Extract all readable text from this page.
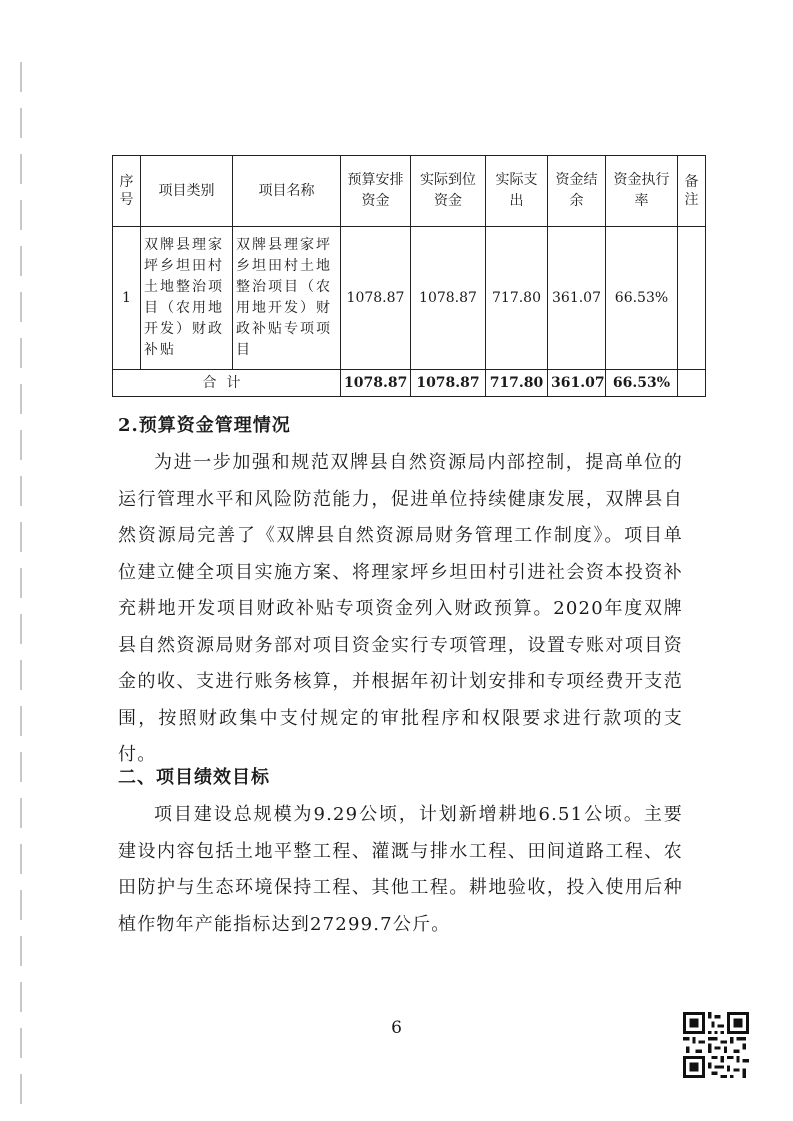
序号	项目类别	项目名称	预算安排资金	实际到位资金	实际支出	资金结余	资金执行率	备注
1	双牌县理家坪乡坦田村土地整治项目（农用地开发）财政补贴	双牌县理家坪乡坦田村土地整治项目（农用地开发）财政补贴专项项目	1078.87	1078.87	717.80	361.07	66.53%	
合计			1078.87	1078.87	717.80	361.07	66.53%	
2.预算资金管理情况

为进一步加强和规范双牌县自然资源局内部控制，提高单位的运行管理水平和风险防范能力，促进单位持续健康发展，双牌县自然资源局完善了《双牌县自然资源局财务管理工作制度》。项目单位建立健全项目实施方案、将理家坪乡坦田村引进社会资本投资补充耕地开发项目财政补贴专项资金列入财政预算。2020年度双牌县自然资源局财务部对项目资金实行专项管理，设置专账对项目资金的收、支进行账务核算，并根据年初计划安排和专项经费开支范围，按照财政集中支付规定的审批程序和权限要求进行款项的支付。

二、项目绩效目标

项目建设总规模为9.29公顷，计划新增耕地6.51公顷。主要建设内容包括土地平整工程、灌溉与排水工程、田间道路工程、农田防护与生态环境保持工程、其他工程。耕地验收，投入使用后种植作物年产能指标达到27299.7公斤。

6
